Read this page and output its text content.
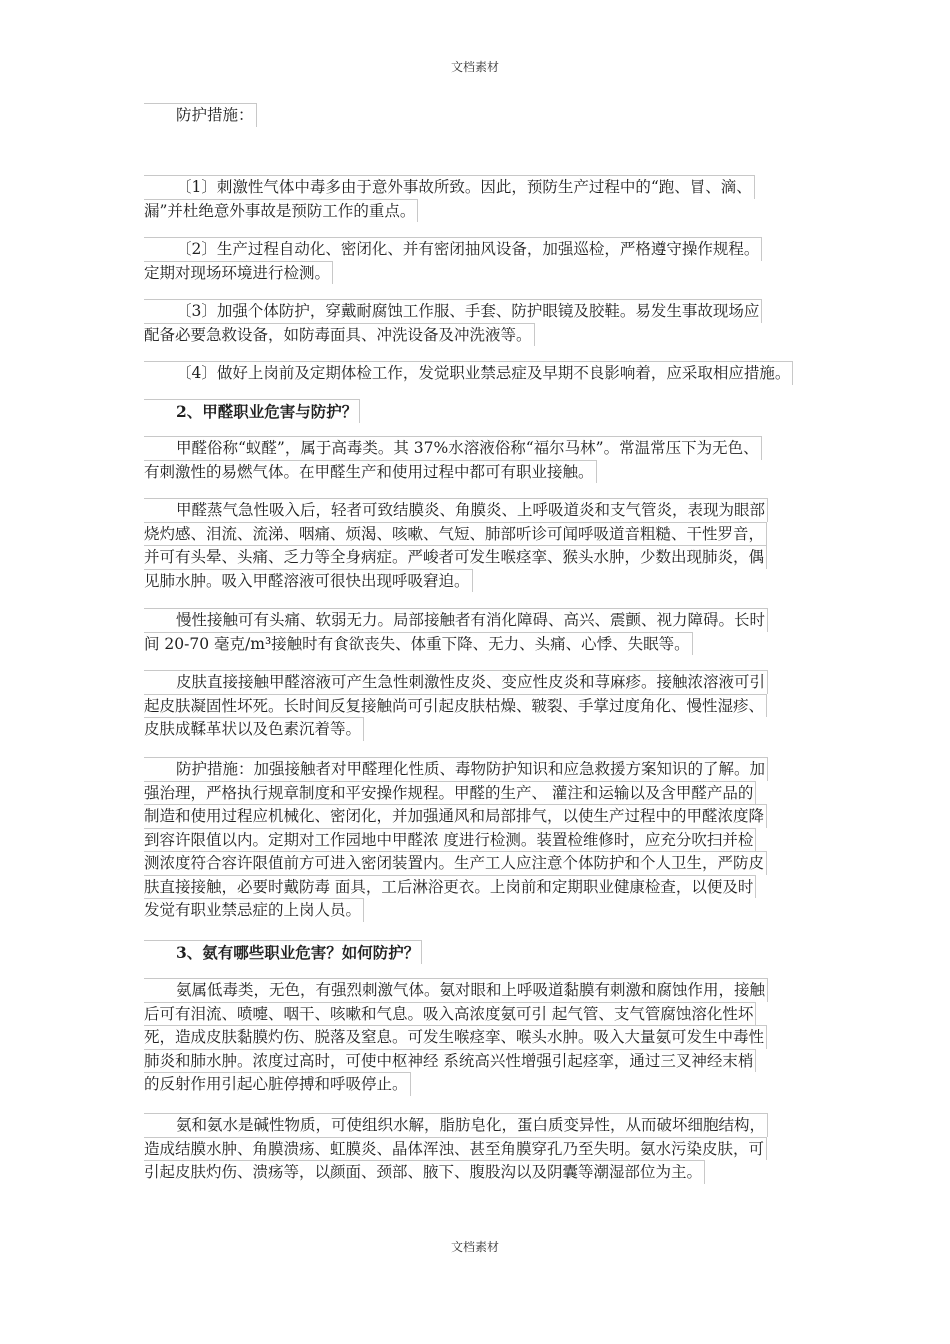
文档素材
防护措施：
〔1〕刺激性气体中毒多由于意外事故所致。因此，预防生产过程中的“跑、冒、滴、
漏”并杜绝意外事故是预防工作的重点。
〔2〕生产过程自动化、密闭化、并有密闭抽风设备，加强巡检，严格遵守操作规程。
定期对现场环境进行检测。
〔3〕加强个体防护，穿戴耐腐蚀工作服、手套、防护眼镜及胶鞋。易发生事故现场应
配备必要急救设备，如防毒面具、冲洗设备及冲洗液等。
〔4〕做好上岗前及定期体检工作，发觉职业禁忌症及早期不良影响着，应采取相应措施。
2、甲醛职业危害与防护？
甲醛俗称“蚁醛”，属于高毒类。其 37%水溶液俗称“福尔马林”。常温常压下为无色、
有刺激性的易燃气体。在甲醛生产和使用过程中都可有职业接触。
甲醛蒸气急性吸入后，轻者可致结膜炎、角膜炎、上呼吸道炎和支气管炎，表现为眼部
烧灼感、泪流、流涕、咽痛、烦渴、咳嗽、气短、肺部听诊可闻呼吸道音粗糙、干性罗音，
并可有头晕、头痛、乏力等全身病症。严峻者可发生喉痉挛、猴头水肿，少数出现肺炎，偶
见肺水肿。吸入甲醛溶液可很快出现呼吸窘迫。
慢性接触可有头痛、软弱无力。局部接触者有消化障碍、高兴、震颤、视力障碍。长时
间 20-70 毫克/m³接触时有食欲丧失、体重下降、无力、头痛、心悸、失眠等。
皮肤直接接触甲醛溶液可产生急性刺激性皮炎、变应性皮炎和荨麻疹。接触浓溶液可引
起皮肤凝固性坏死。长时间反复接触尚可引起皮肤枯燥、皲裂、手掌过度角化、慢性湿疹、
皮肤成鞣革状以及色素沉着等。
防护措施：加强接触者对甲醛理化性质、毒物防护知识和应急救援方案知识的了解。加
强治理，严格执行规章制度和平安操作规程。甲醛的生产、 灌注和运输以及含甲醛产品的
制造和使用过程应机械化、密闭化，并加强通风和局部排气，以使生产过程中的甲醛浓度降
到容许限值以内。定期对工作园地中甲醛浓 度进行检测。装置检维修时，应充分吹扫并检
测浓度符合容许限值前方可进入密闭装置内。生产工人应注意个体防护和个人卫生，严防皮
肤直接接触，必要时戴防毒 面具，工后淋浴更衣。上岗前和定期职业健康检查，以便及时
发觉有职业禁忌症的上岗人员。
3、氨有哪些职业危害？如何防护？
氨属低毒类，无色，有强烈刺激气体。氨对眼和上呼吸道黏膜有刺激和腐蚀作用，接触
后可有泪流、喷嚏、咽干、咳嗽和气息。吸入高浓度氨可引 起气管、支气管腐蚀溶化性坏
死，造成皮肤黏膜灼伤、脱落及窒息。可发生喉痉挛、喉头水肿。吸入大量氨可发生中毒性
肺炎和肺水肿。浓度过高时，可使中枢神经 系统高兴性增强引起痉挛，通过三叉神经末梢
的反射作用引起心脏停搏和呼吸停止。
氨和氨水是碱性物质，可使组织水解，脂肪皂化，蛋白质变异性，从而破坏细胞结构，
造成结膜水肿、角膜溃疡、虹膜炎、晶体浑浊、甚至角膜穿孔乃至失明。氨水污染皮肤，可
引起皮肤灼伤、溃疡等，以颜面、颈部、腋下、腹股沟以及阴囊等潮湿部位为主。
文档素材
